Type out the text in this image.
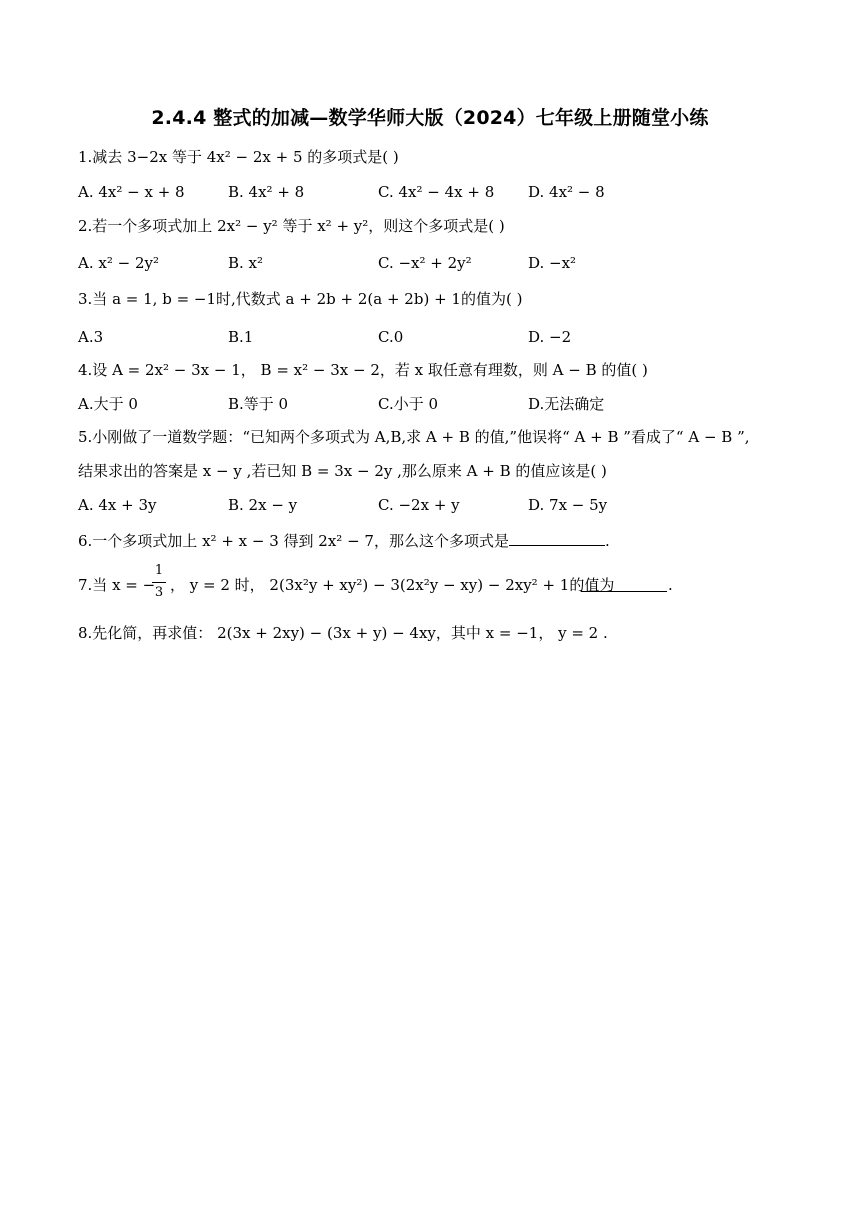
2.4.4 整式的加减—数学华师大版（2024）七年级上册随堂小练
1.减去 3−2x 等于 4x² − 2x + 5 的多项式是( )
A. 4x² − x + 8	B. 4x² + 8	C. 4x² − 4x + 8 D. 4x² − 8
2.若一个多项式加上 2x² − y² 等于 x² + y²，则这个多项式是( )
A. x² − 2y²	B. x²	C. −x² + 2y²	D. −x²
3.当 a = 1, b = −1时,代数式 a + 2b + 2(a + 2b) + 1的值为( )
A.3	B.1	C.0	D. −2
4.设 A = 2x² − 3x − 1， B = x² − 3x − 2，若 x 取任意有理数，则 A − B 的值( )
A.大于 0	B.等于 0	C.小于 0	D.无法确定
5.小刚做了一道数学题：“已知两个多项式为 A,B,求 A + B 的值,”他误将“ A + B ”看成了“ A − B ”,
结果求出的答案是 x − y ,若已知 B = 3x − 2y ,那么原来 A + B 的值应该是( )
A. 4x + 3y	B. 2x − y	C. −2x + y	D. 7x − 5y
6.一个多项式加上 x² + x − 3 得到 2x² − 7，那么这个多项式是	.
7.当 x = −
1
3 ， y = 2 时， 2(3x²y + xy²) − 3(2x²y − xy) − 2xy² + 1的值为	.
8.先化简，再求值： 2(3x + 2xy) − (3x + y) − 4xy，其中 x = −1， y = 2 .
